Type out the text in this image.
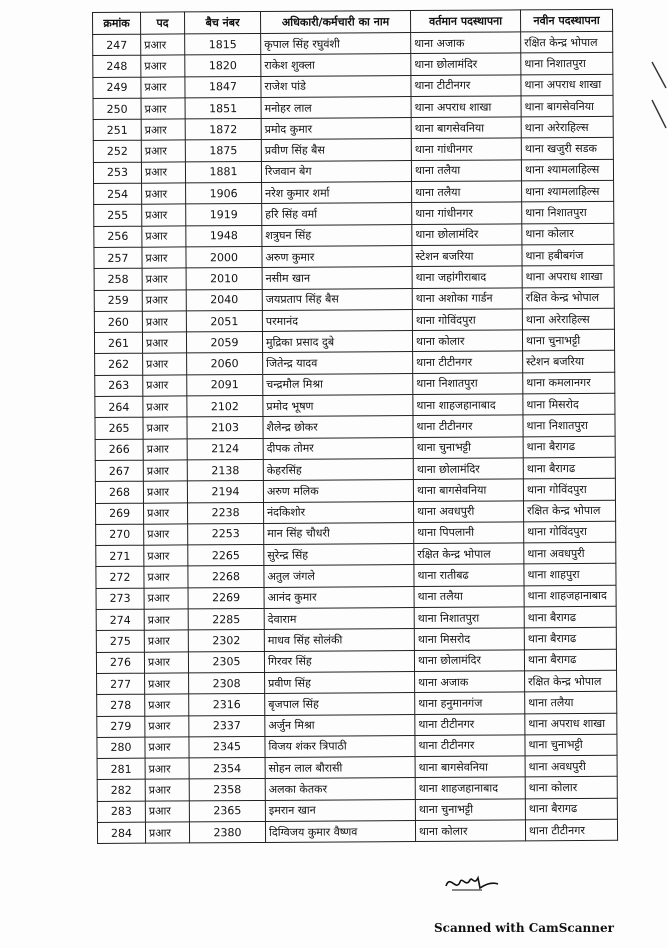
क्रमांक	पद	बैच नंबर	अधिकारी/कर्मचारी का नाम	वर्तमान पदस्थापना	नवीन पदस्थापना
247	प्रआर	1815	कृपाल सिंह रघुवंशी	थाना अजाक	रक्षित केन्द्र भोपाल
248	प्रआर	1820	राकेश शुक्ला	थाना छोलामंदिर	थाना निशातपुरा
249	प्रआर	1847	राजेश पांडे	थाना टीटीनगर	थाना अपराध शाखा
250	प्रआर	1851	मनोहर लाल	थाना अपराध शाखा	थाना बागसेवनिया
251	प्रआर	1872	प्रमोद कुमार	थाना बागसेवनिया	थाना अरेराहिल्स
252	प्रआर	1875	प्रवीण सिंह बैस	थाना गांधीनगर	थाना खजुरी सडक
253	प्रआर	1881	रिजवान बेग	थाना तलैया	थाना श्यामलाहिल्स
254	प्रआर	1906	नरेश कुमार शर्मा	थाना तलैया	थाना श्यामलाहिल्स
255	प्रआर	1919	हरि सिंह वर्मा	थाना गांधीनगर	थाना निशातपुरा
256	प्रआर	1948	शत्रुघन सिंह	थाना छोलामंदिर	थाना कोलार
257	प्रआर	2000	अरुण कुमार	स्टेशन बजरिया	थाना हबीबगंज
258	प्रआर	2010	नसीम खान	थाना जहांगीराबाद	थाना अपराध शाखा
259	प्रआर	2040	जयप्रताप सिंह बैस	थाना अशोका गार्डन	रक्षित केन्द्र भोपाल
260	प्रआर	2051	परमानंद	थाना गोविंदपुरा	थाना अरेराहिल्स
261	प्रआर	2059	मुद्रिका प्रसाद दुबे	थाना कोलार	थाना चुनाभट्टी
262	प्रआर	2060	जितेन्द्र यादव	थाना टीटीनगर	स्टेशन बजरिया
263	प्रआर	2091	चन्द्रमौल मिश्रा	थाना निशातपुरा	थाना कमलानगर
264	प्रआर	2102	प्रमोद भूषण	थाना शाहजहानाबाद	थाना मिसरोद
265	प्रआर	2103	शैलेन्द्र छोकर	थाना टीटीनगर	थाना निशातपुरा
266	प्रआर	2124	दीपक तोमर	थाना चुनाभट्टी	थाना बैरागढ
267	प्रआर	2138	केहरसिंह	थाना छोलामंदिर	थाना बैरागढ
268	प्रआर	2194	अरुण मलिक	थाना बागसेवनिया	थाना गोविंदपुरा
269	प्रआर	2238	नंदकिशोर	थाना अवधपुरी	रक्षित केन्द्र भोपाल
270	प्रआर	2253	मान सिंह चौधरी	थाना पिपलानी	थाना गोविंदपुरा
271	प्रआर	2265	सुरेन्द्र सिंह	रक्षित केन्द्र भोपाल	थाना अवधपुरी
272	प्रआर	2268	अतुल जंगले	थाना रातीबढ	थाना शाहपुरा
273	प्रआर	2269	आनंद कुमार	थाना तलैया	थाना शाहजहानाबाद
274	प्रआर	2285	देवाराम	थाना निशातपुरा	थाना बैरागढ
275	प्रआर	2302	माधव सिंह सोलंकी	थाना मिसरोद	थाना बैरागढ
276	प्रआर	2305	गिरवर सिंह	थाना छोलामंदिर	थाना बैरागढ
277	प्रआर	2308	प्रवीण सिंह	थाना अजाक	रक्षित केन्द्र भोपाल
278	प्रआर	2316	बृजपाल सिंह	थाना हनुमानगंज	थाना तलैया
279	प्रआर	2337	अर्जुन मिश्रा	थाना टीटीनगर	थाना अपराध शाखा
280	प्रआर	2345	विजय शंकर त्रिपाठी	थाना टीटीनगर	थाना चुनाभट्टी
281	प्रआर	2354	सोहन लाल बौरासी	थाना बागसेवनिया	थाना अवधपुरी
282	प्रआर	2358	अलका केतकर	थाना शाहजहानाबाद	थाना कोलार
283	प्रआर	2365	इमरान खान	थाना चुनाभट्टी	थाना बैरागढ
284	प्रआर	2380	दिग्विजय कुमार वैष्णव	थाना कोलार	थाना टीटीनगर
Scanned with CamScanner
